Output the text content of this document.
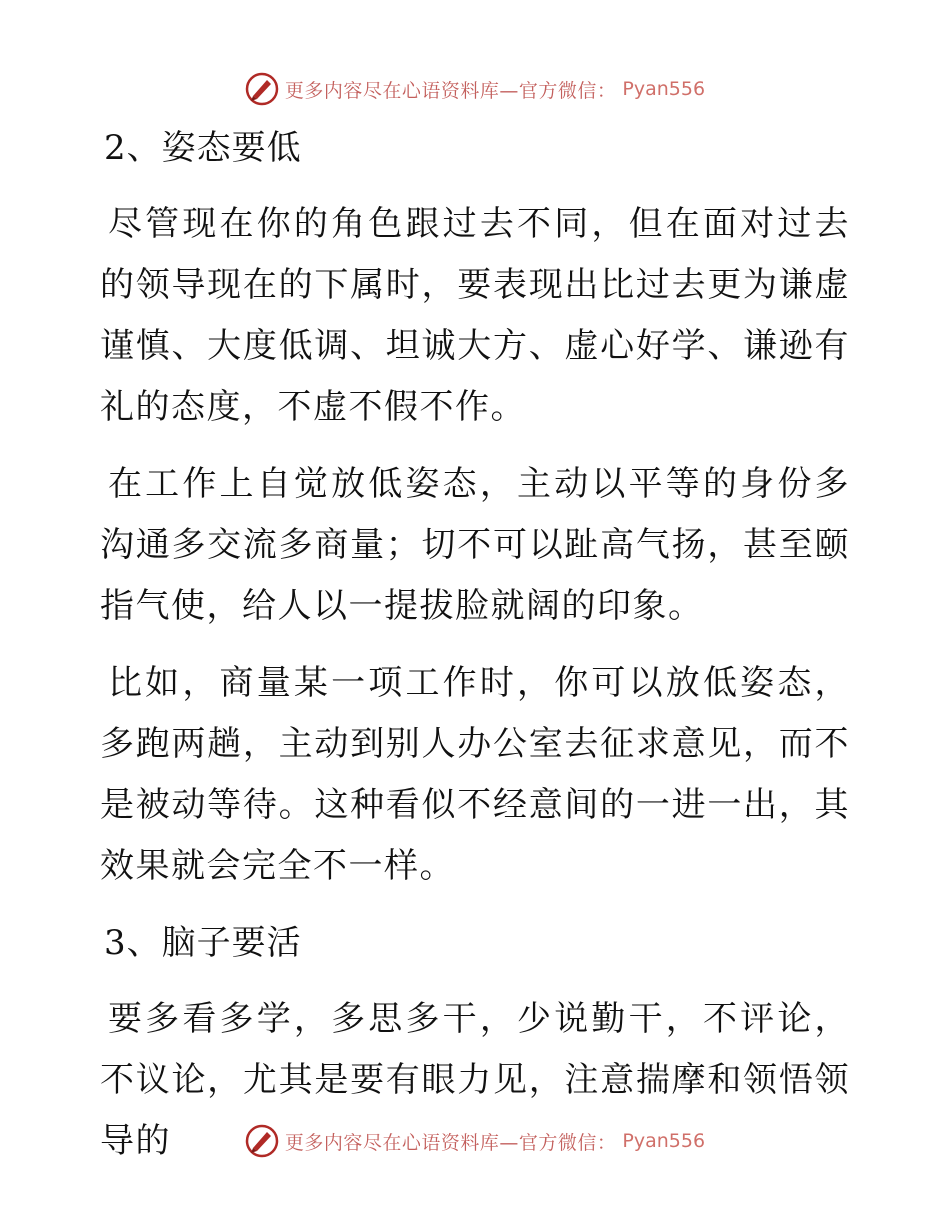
更多内容尽在心语资料库—官方微信： Pyan556
2、姿态要低

尽管现在你的角色跟过去不同，但在面对过去的领导现在的下属时，要表现出比过去更为谦虚谨慎、大度低调、坦诚大方、虚心好学、谦逊有礼的态度，不虚不假不作。

在工作上自觉放低姿态，主动以平等的身份多沟通多交流多商量；切不可以趾高气扬，甚至颐指气使，给人以一提拔脸就阔的印象。

比如，商量某一项工作时，你可以放低姿态，多跑两趟，主动到别人办公室去征求意见，而不是被动等待。这种看似不经意间的一进一出，其效果就会完全不一样。

3、脑子要活

要多看多学，多思多干，少说勤干，不评论，不议论，尤其是要有眼力见，注意揣摩和领悟领导的	更多内容尽在心语资料库—官方微信： Pyan556
